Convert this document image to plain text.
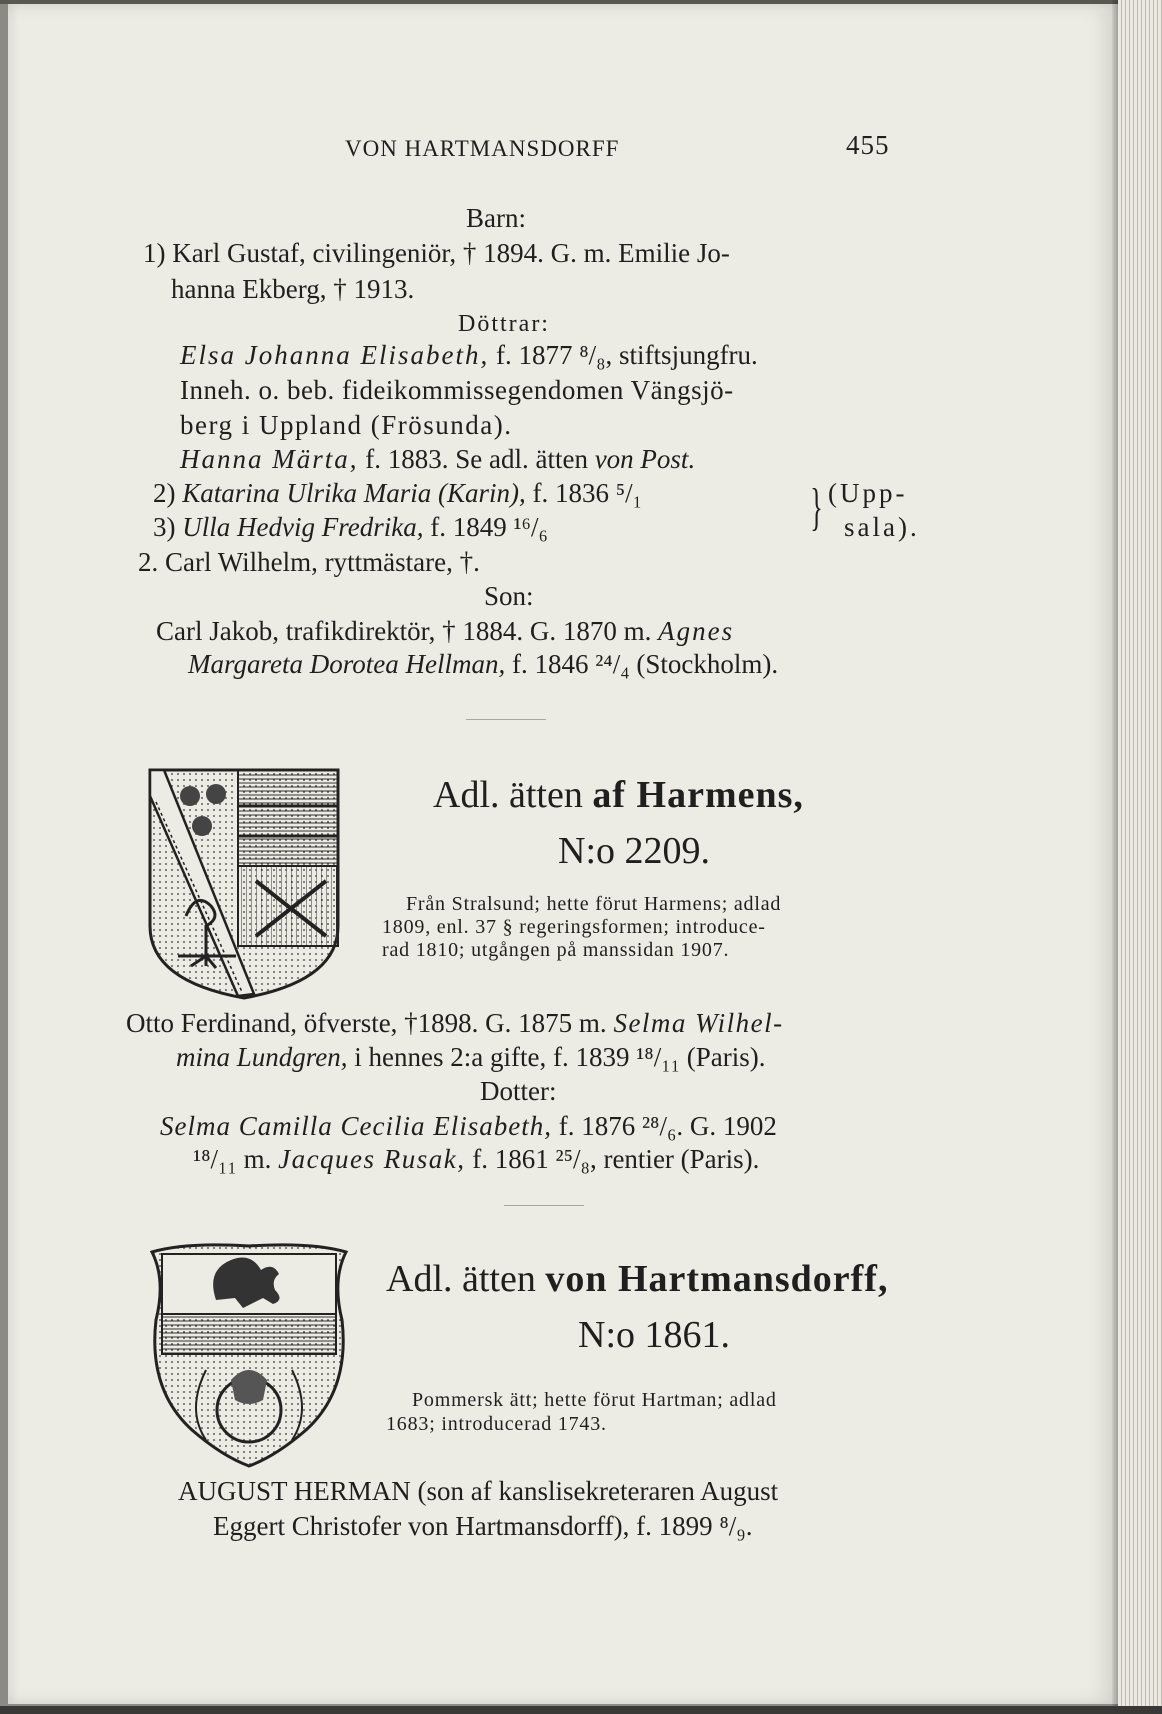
VON HARTMANSDORFF	455
Barn:
1) Karl Gustaf, civilingeniör, † 1894. G. m. Emilie Jo-
hanna Ekberg, † 1913.
Döttrar:
Elsa Johanna Elisabeth, f. 1877 ⁸/₈, stiftsjungfru.
Inneh. o. beb. fideikommissegendomen Vängsjö-
berg i Uppland (Frösunda).
Hanna Märta, f. 1883. Se adl. ätten von Post.
2) Katarina Ulrika Maria (Karin), f. 1836 ⁵/₁
3) Ulla Hedvig Fredrika, f. 1849 ¹⁶/₆	} (Upp-
sala).
2. Carl Wilhelm, ryttmästare, †.
Son:
Carl Jakob, trafikdirektör, † 1884. G. 1870 m. Agnes
Margareta Dorotea Hellman, f. 1846 ²⁴/₄ (Stockholm).
Adl. ätten af Harmens,
N:o 2209.
Från Stralsund; hette förut Harmens; adlad
1809, enl. 37 § regeringsformen; introduce-
rad 1810; utgången på manssidan 1907.
Otto Ferdinand, öfverste, †1898. G. 1875 m. Selma Wilhel-
mina Lundgren, i hennes 2:a gifte, f. 1839 ¹⁸/₁₁ (Paris).
Dotter:
Selma Camilla Cecilia Elisabeth, f. 1876 ²⁸/₆. G. 1902
¹⁸/₁₁ m. Jacques Rusak, f. 1861 ²⁵/₈, rentier (Paris).
Adl. ätten von Hartmansdorff,
N:o 1861.
Pommersk ätt; hette förut Hartman; adlad
1683; introducerad 1743.
AUGUST HERMAN (son af kanslisekreteraren August
Eggert Christofer von Hartmansdorff), f. 1899 ⁸/₉.
